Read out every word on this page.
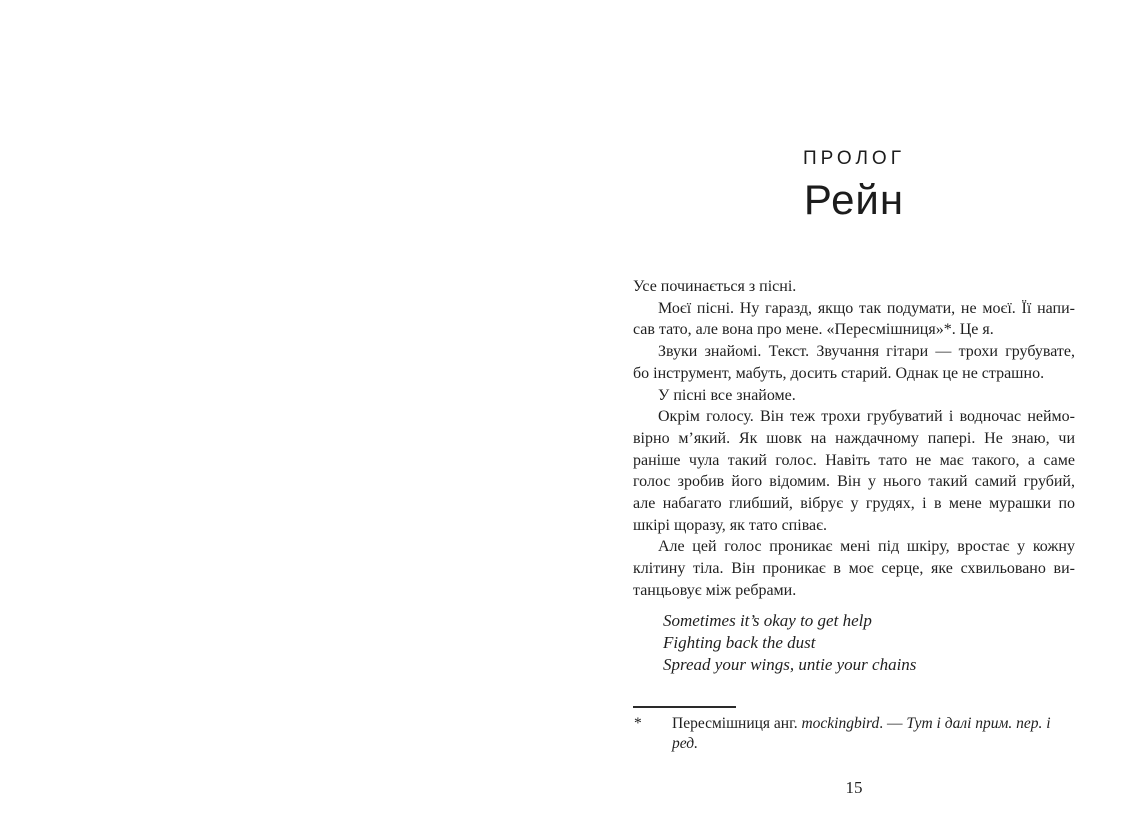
ПРОЛОГ
Рейн
Усе починається з пісні.
Моєї пісні. Ну гаразд, якщо так подумати, не моєї. Її напи-
сав тато, але вона про мене. «Пересмішниця»*. Це я.
Звуки знайомі. Текст. Звучання гітари — трохи грубувате,
бо інструмент, мабуть, досить старий. Однак це не страшно.
У пісні все знайоме.
Окрім голосу. Він теж трохи грубуватий і водночас неймо-
вірно м’який. Як шовк на наждачному папері. Не знаю, чи
раніше чула такий голос. Навіть тато не має такого, а саме
голос зробив його відомим. Він у нього такий самий грубий,
але набагато глибший, вібрує у грудях, і в мене мурашки по
шкірі щоразу, як тато співає.
Але цей голос проникає мені під шкіру, вростає у кожну
клітину тіла. Він проникає в моє серце, яке схвильовано ви-
танцьовує між ребрами.
Sometimes it’s okay to get help
Fighting back the dust
Spread your wings, untie your chains
*	Пересмішниця анг. mockingbird. — Тут і далі прим. пер. і ред.
15
